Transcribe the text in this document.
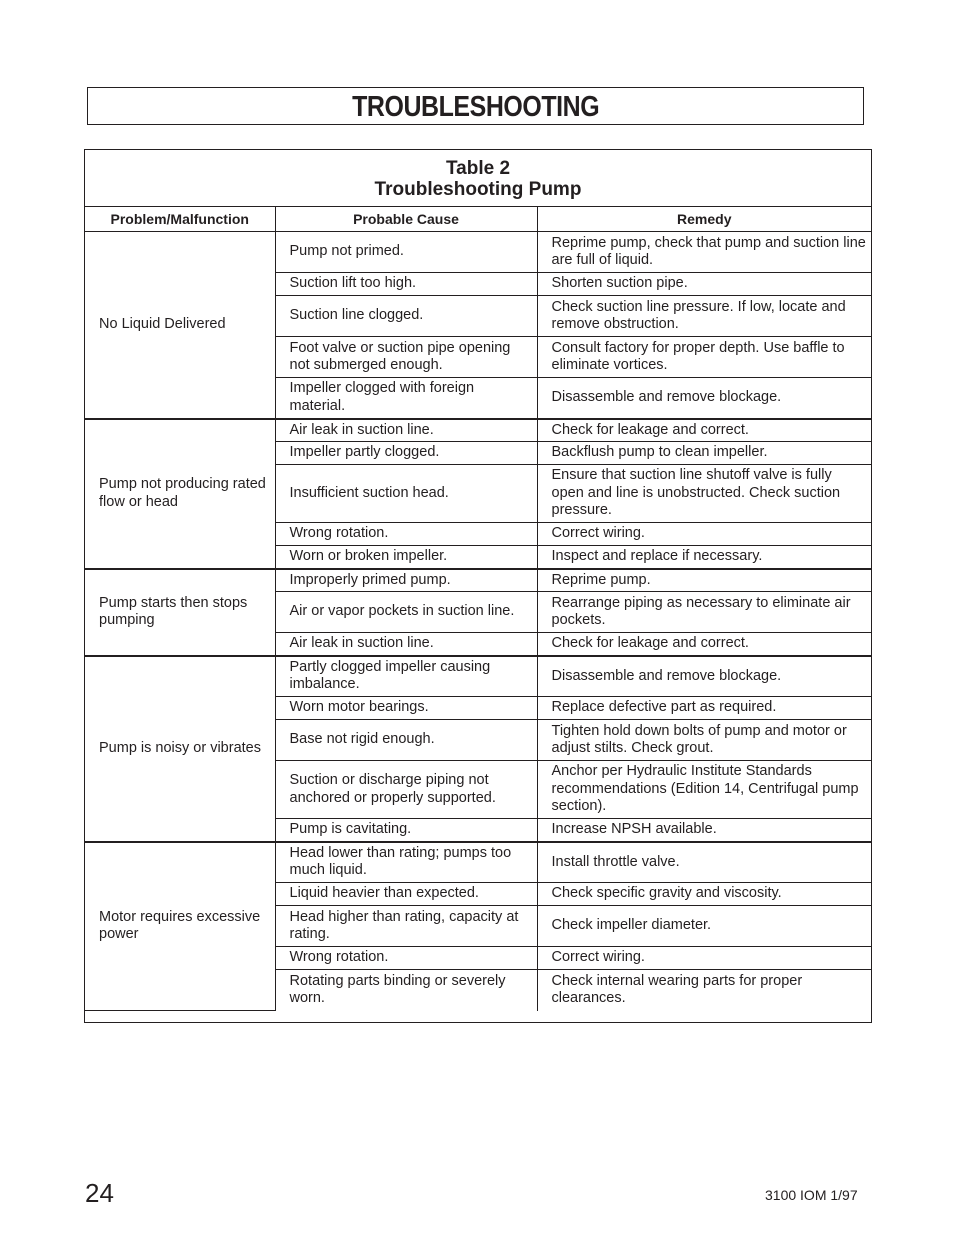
TROUBLESHOOTING
Table 2
Troubleshooting Pump
Problem/Malfunction	Probable Cause	Remedy
No Liquid Delivered	Pump not primed.	Reprime pump, check that pump and suction line are full of liquid.
	Suction lift too high.	Shorten suction pipe.
	Suction line clogged.	Check suction line pressure. If low, locate and remove obstruction.
	Foot valve or suction pipe opening not submerged enough.	Consult factory for proper depth. Use baffle to eliminate vortices.
	Impeller clogged with foreign material.	Disassemble and remove blockage.
Pump not producing rated flow or head	Air leak in suction line.	Check for leakage and correct.
	Impeller partly clogged.	Backflush pump to clean impeller.
	Insufficient suction head.	Ensure that suction line shutoff valve is fully open and line is unobstructed. Check suction pressure.
	Wrong rotation.	Correct wiring.
	Worn or broken impeller.	Inspect and replace if necessary.
Pump starts then stops pumping	Improperly primed pump.	Reprime pump.
	Air or vapor pockets in suction line.	Rearrange piping as necessary to eliminate air pockets.
	Air leak in suction line.	Check for leakage and correct.
Pump is noisy or vibrates	Partly clogged impeller causing imbalance.	Disassemble and remove blockage.
	Worn motor bearings.	Replace defective part as required.
	Base not rigid enough.	Tighten hold down bolts of pump and motor or adjust stilts. Check grout.
	Suction or discharge piping not anchored or properly supported.	Anchor per Hydraulic Institute Standards recommendations (Edition 14, Centrifugal pump section).
	Pump is cavitating.	Increase NPSH available.
Motor requires excessive power	Head lower than rating; pumps too much liquid.	Install throttle valve.
	Liquid heavier than expected.	Check specific gravity and viscosity.
	Head higher than rating, capacity at rating.	Check impeller diameter.
	Wrong rotation.	Correct wiring.
	Rotating parts binding or severely worn.	Check internal wearing parts for proper clearances.
24	3100 IOM 1/97
